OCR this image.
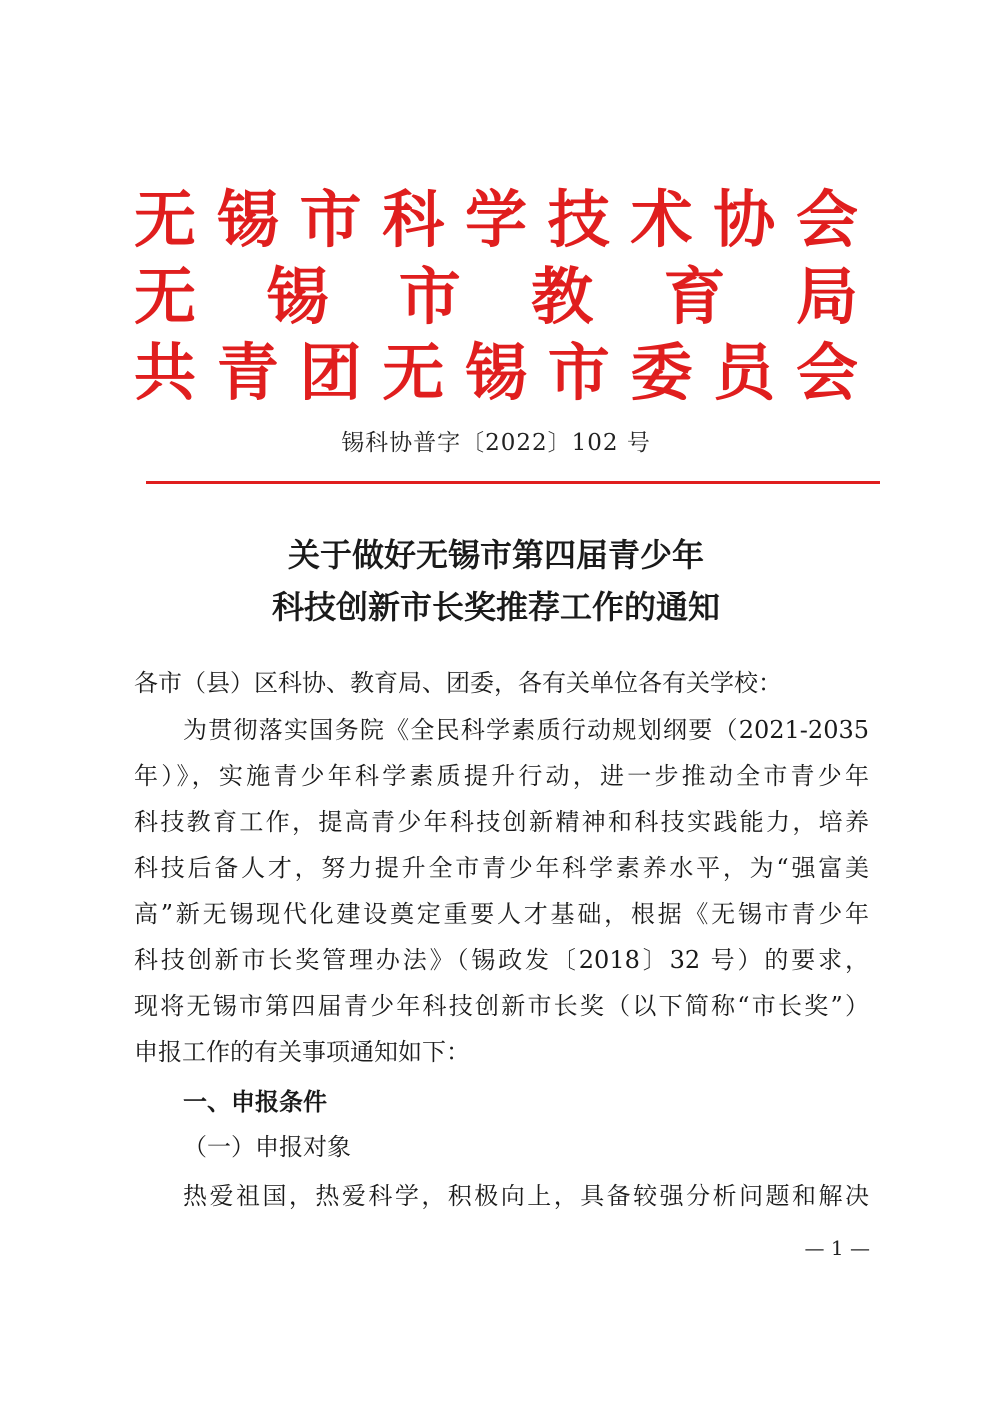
无 锡 市 科 学 技 术 协 会
无 锡 市 教 育 局
共 青 团 无 锡 市 委 员 会
锡科协普字〔2022〕102 号
关于做好无锡市第四届青少年
科技创新市长奖推荐工作的通知
各市（县）区科协、教育局、团委，各有关单位各有关学校：
为贯彻落实国务院《全民科学素质行动规划纲要（2021-2035
年）》，实施青少年科学素质提升行动，进一步推动全市青少年
科技教育工作，提高青少年科技创新精神和科技实践能力，培养
科技后备人才，努力提升全市青少年科学素养水平，为“强富美
高”新无锡现代化建设奠定重要人才基础，根据《无锡市青少年
科技创新市长奖管理办法》（锡政发〔2018〕32 号）的要求，
现将无锡市第四届青少年科技创新市长奖（以下简称“市长奖”）
申报工作的有关事项通知如下：
一、申报条件
（一）申报对象
热爱祖国，热爱科学，积极向上，具备较强分析问题和解决
— 1 —
